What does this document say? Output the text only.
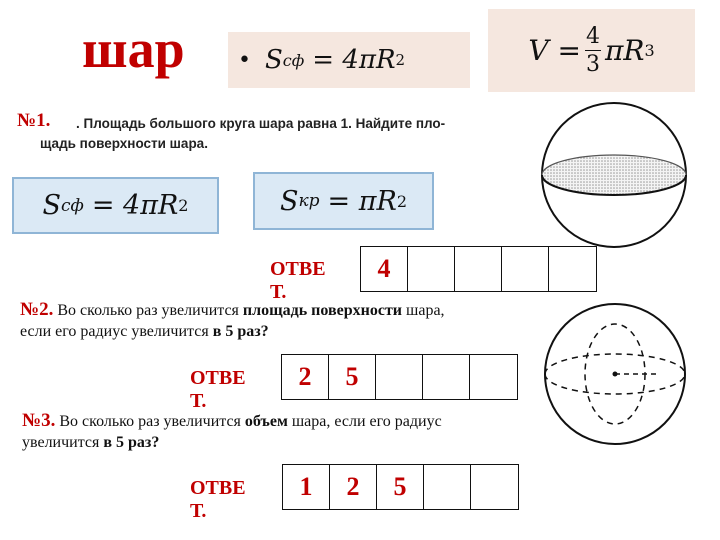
шар • S сф = 4πR 2	$V = \frac{4}{3}$ πR 3
№1. . Площадь большого круга шара равна 1. Найдите пло-
щадь поверхности шара.
S сф = 4πR 2	S кр = πR 2
ОТВЕТ.
4
№2. Во сколько раз увеличится площадь поверхности шара,
если его радиус увеличится в 5 раз?
ОТВЕТ.
2	5
№3. Во сколько раз увеличится объем шара, если его радиус
увеличится в 5 раз?
ОТВЕТ.
1	2	5
